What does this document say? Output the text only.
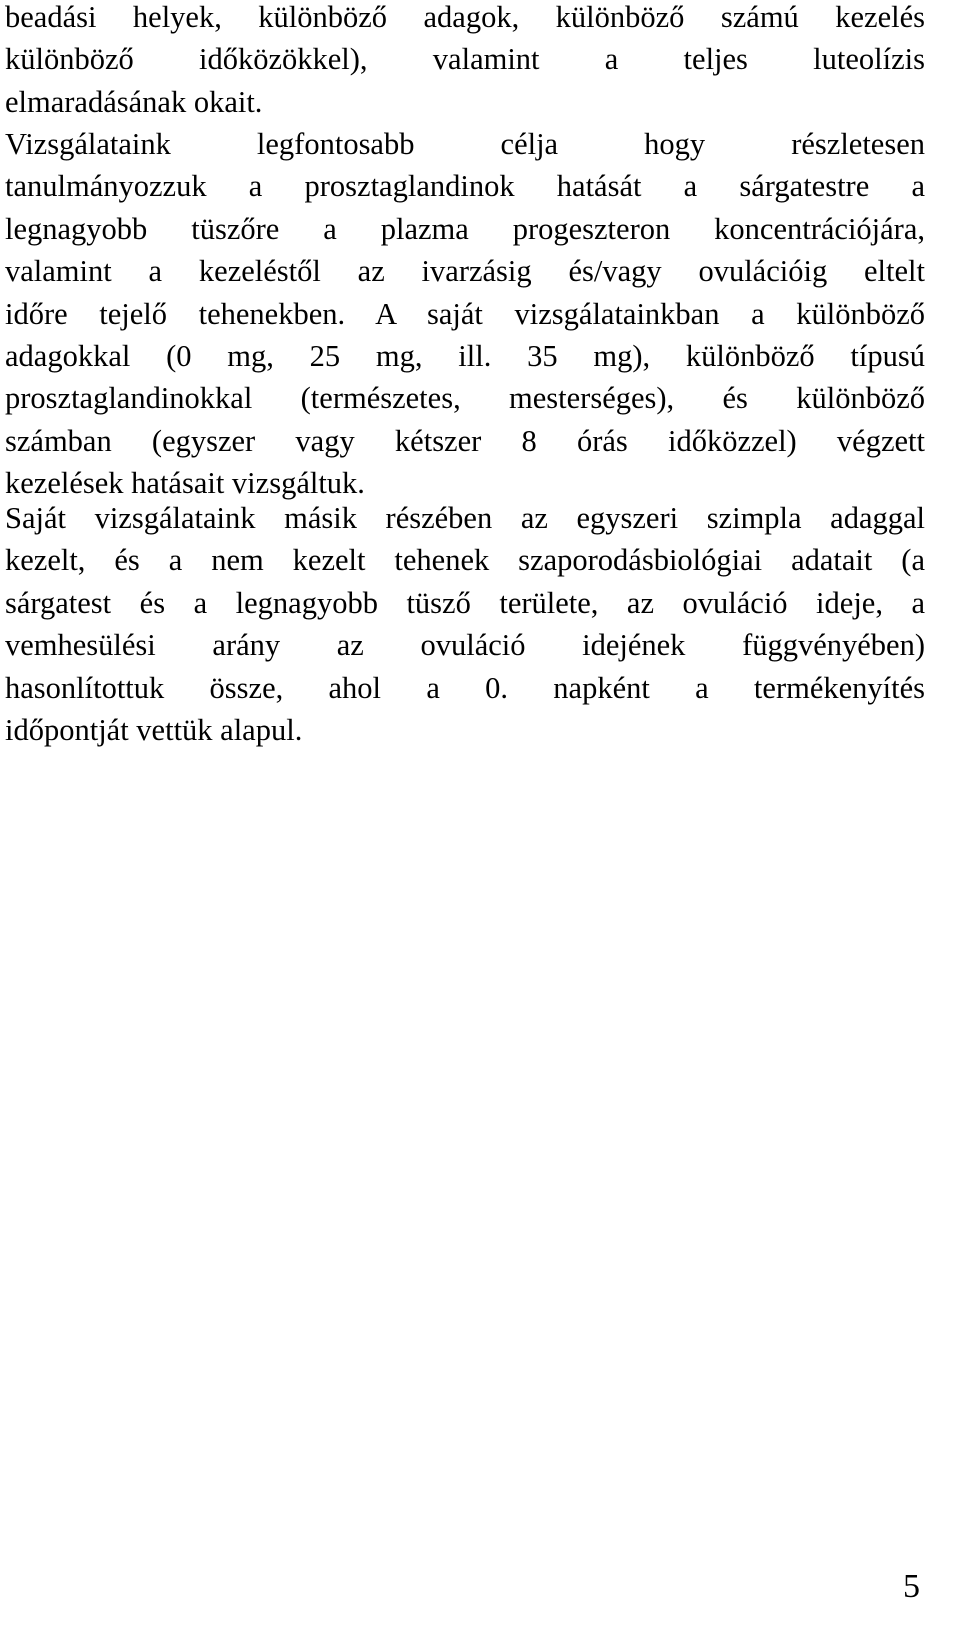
beadási helyek, különböző adagok, különböző számú kezelés
különböző időközökkel), valamint a teljes luteolízis
elmaradásának okait.
Vizsgálataink legfontosabb célja hogy részletesen
tanulmányozzuk a prosztaglandinok hatását a sárgatestre a
legnagyobb tüszőre a plazma progeszteron koncentrációjára,
valamint a kezeléstől az ivarzásig és/vagy ovulációig eltelt
időre tejelő tehenekben. A saját vizsgálatainkban a különböző
adagokkal (0 mg, 25 mg, ill. 35 mg), különböző típusú
prosztaglandinokkal (természetes, mesterséges), és különböző
számban (egyszer vagy kétszer 8 órás időközzel) végzett
kezelések hatásait vizsgáltuk.
Saját vizsgálataink másik részében az egyszeri szimpla adaggal
kezelt, és a nem kezelt tehenek szaporodásbiológiai adatait (a
sárgatest és a legnagyobb tüsző területe, az ovuláció ideje, a
vemhesülési arány az ovuláció idejének függvényében)
hasonlítottuk össze, ahol a 0. napként a termékenyítés
időpontját vettük alapul.
5
